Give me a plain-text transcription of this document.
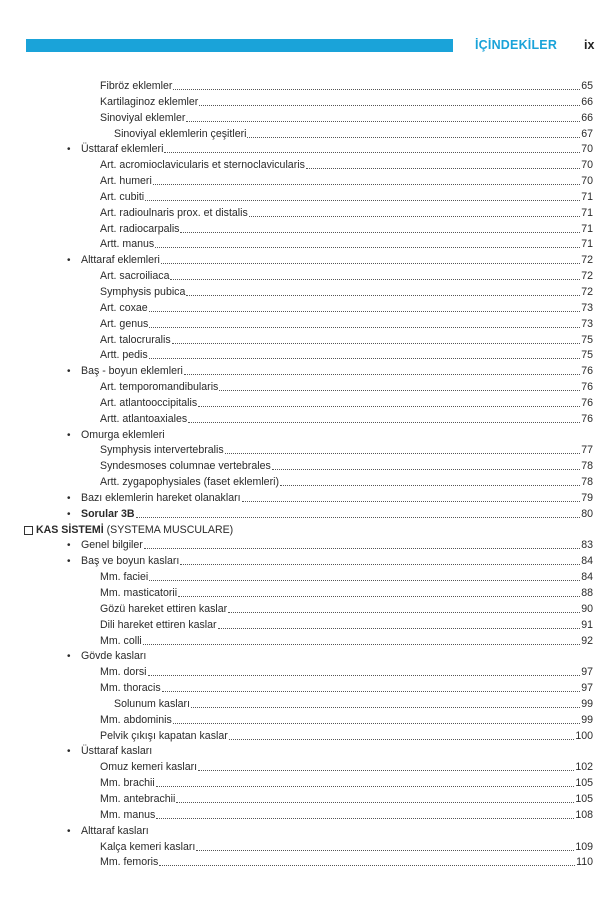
İÇİNDEKİLER ix
Fibröz eklemler	65
Kartilaginoz eklemler	66
Sinoviyal eklemler	66
Sinoviyal eklemlerin çeşitleri	67
• Üsttaraf eklemleri	70
Art. acromioclavicularis et sternoclavicularis	70
Art. humeri	70
Art. cubiti	71
Art. radioulnaris prox. et distalis	71
Art. radiocarpalis	71
Artt. manus	71
• Alttaraf eklemleri	72
Art. sacroiliaca	72
Symphysis pubica	72
Art. coxae	73
Art. genus	73
Art. talocruralis	75
Artt. pedis	75
• Baş - boyun eklemleri	76
Art. temporomandibularis	76
Art. atlantooccipitalis	76
Artt. atlantoaxiales	76
• Omurga eklemleri
Symphysis intervertebralis	77
Syndesmoses columnae vertebrales	78
Artt. zygapophysiales (faset eklemleri)	78
• Bazı eklemlerin hareket olanakları	79
• Sorular 3B	80
KAS SİSTEMİ (SYSTEMA MUSCULARE)
• Genel bilgiler	83
• Baş ve boyun kasları	84
Mm. faciei	84
Mm. masticatorii	88
Gözü hareket ettiren kaslar	90
Dili hareket ettiren kaslar	91
Mm. colli	92
• Gövde kasları
Mm. dorsi	97
Mm. thoracis	97
Solunum kasları	99
Mm. abdominis	99
Pelvik çıkışı kapatan kaslar	100
• Üsttaraf kasları
Omuz kemeri kasları	102
Mm. brachii	105
Mm. antebrachii	105
Mm. manus	108
• Alttaraf kasları
Kalça kemeri kasları	109
Mm. femoris	110
